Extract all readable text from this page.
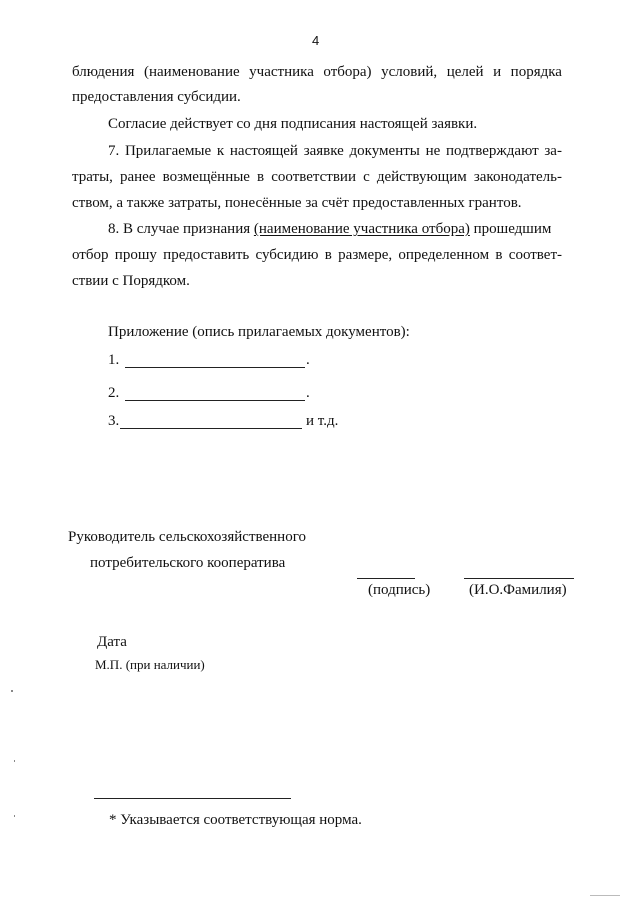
4
блюдения (наименование участника отбора) условий, целей и порядка
предоставления субсидии.
Согласие действует со дня подписания настоящей заявки.
7. Прилагаемые к настоящей заявке документы не подтверждают за-
траты, ранее возмещённые в соответствии с действующим законодатель-
ством, а также затраты, понесённые за счёт предоставленных грантов.
8. В случае признания (наименование участника отбора) прошедшим
отбор прошу предоставить субсидию в размере, определенном в соответ-
ствии с Порядком.
Приложение (опись прилагаемых документов):
1.	.
2.	.
3.	и т.д.
Руководитель сельскохозяйственного
потребительского кооператива
(подпись)	(И.О.Фамилия)
Дата
М.П. (при наличии)
* Указывается соответствующая норма.
